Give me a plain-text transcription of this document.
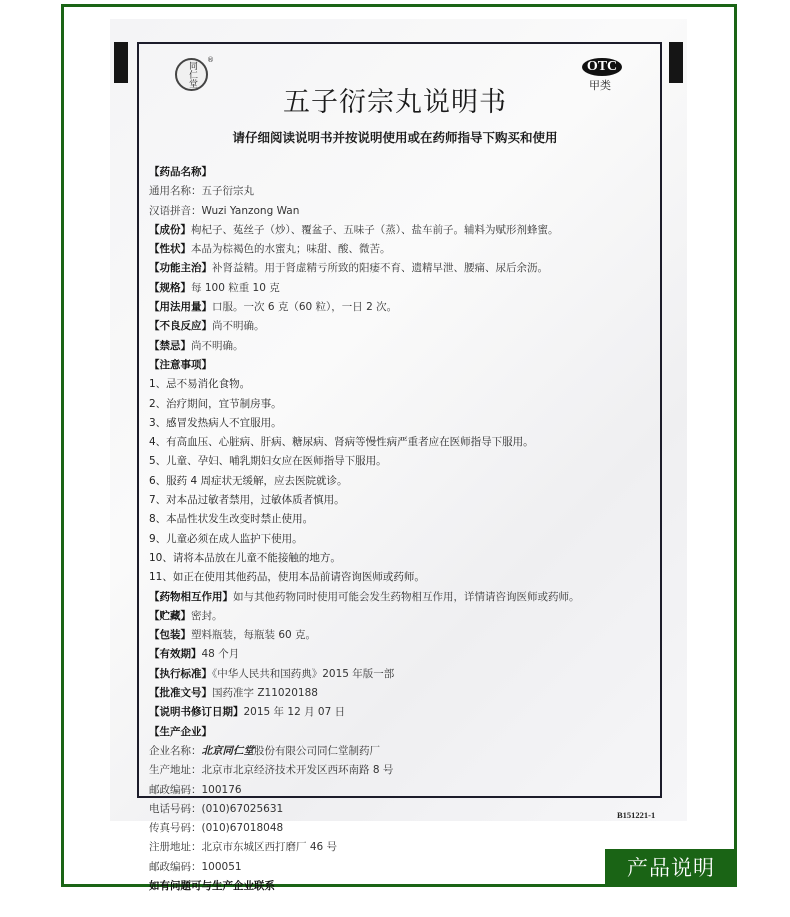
同仁堂
®	OTC
甲类
五子衍宗丸说明书
请仔细阅读说明书并按说明使用或在药师指导下购买和使用
【药品名称】
通用名称：五子衍宗丸
汉语拼音：Wuzi Yanzong Wan
【成份】枸杞子、菟丝子（炒）、覆盆子、五味子（蒸）、盐车前子。辅料为赋形剂蜂蜜。
【性状】本品为棕褐色的水蜜丸；味甜、酸、微苦。
【功能主治】补肾益精。用于肾虚精亏所致的阳痿不育、遗精早泄、腰痛、尿后余沥。
【规格】每 100 粒重 10 克
【用法用量】口服。一次 6 克（60 粒），一日 2 次。
【不良反应】尚不明确。
【禁忌】尚不明确。
【注意事项】
1、忌不易消化食物。
2、治疗期间，宜节制房事。
3、感冒发热病人不宜服用。
4、有高血压、心脏病、肝病、糖尿病、肾病等慢性病严重者应在医师指导下服用。
5、儿童、孕妇、哺乳期妇女应在医师指导下服用。
6、服药 4 周症状无缓解，应去医院就诊。
7、对本品过敏者禁用，过敏体质者慎用。
8、本品性状发生改变时禁止使用。
9、儿童必须在成人监护下使用。
10、请将本品放在儿童不能接触的地方。
11、如正在使用其他药品，使用本品前请咨询医师或药师。
【药物相互作用】如与其他药物同时使用可能会发生药物相互作用，详情请咨询医师或药师。
【贮藏】密封。
【包装】塑料瓶装，每瓶装 60 克。
【有效期】48 个月
【执行标准】《中华人民共和国药典》2015 年版一部
【批准文号】国药准字 Z11020188
【说明书修订日期】2015 年 12 月 07 日
【生产企业】
企业名称：北京同仁堂股份有限公司同仁堂制药厂
生产地址：北京市北京经济技术开发区西环南路 8 号
邮政编码：100176
电话号码：(010)67025631
传真号码：(010)67018048
注册地址：北京市东城区西打磨厂 46 号
邮政编码：100051
如有问题可与生产企业联系
B151221-1
产品说明
